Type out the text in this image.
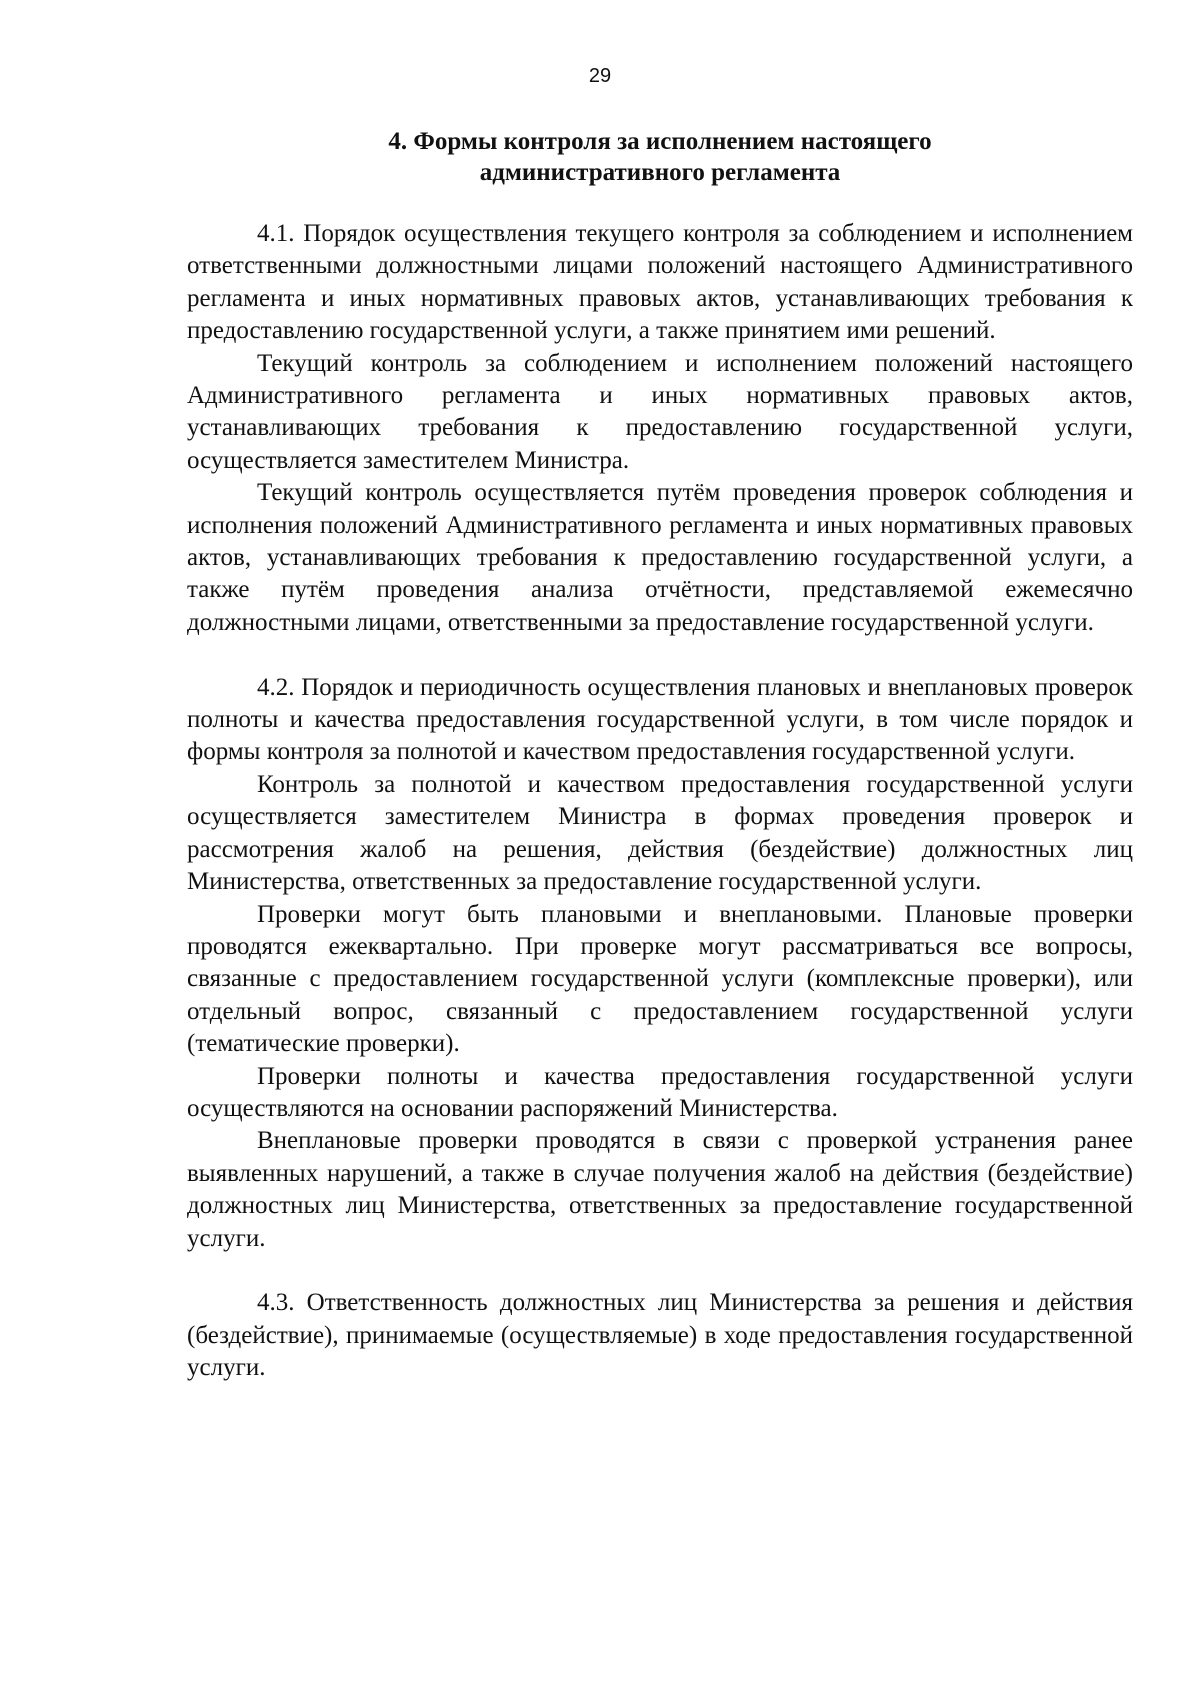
29
4. Формы контроля за исполнением настоящего
административного регламента

4.1. Порядок осуществления текущего контроля за соблюдением и исполнением ответственными должностными лицами положений настоящего Административного регламента и иных нормативных правовых актов, устанавливающих требования к предоставлению государственной услуги, а также принятием ими решений.

Текущий контроль за соблюдением и исполнением положений настоящего Административного регламента и иных нормативных правовых актов, устанавливающих требования к предоставлению государственной услуги, осуществляется заместителем Министра.

Текущий контроль осуществляется путём проведения проверок соблюдения и исполнения положений Административного регламента и иных нормативных правовых актов, устанавливающих требования к предоставлению государственной услуги, а также путём проведения анализа отчётности, представляемой ежемесячно должностными лицами, ответственными за предоставление государственной услуги.

4.2. Порядок и периодичность осуществления плановых и внеплановых проверок полноты и качества предоставления государственной услуги, в том числе порядок и формы контроля за полнотой и качеством предоставления государственной услуги.

Контроль за полнотой и качеством предоставления государственной услуги осуществляется заместителем Министра в формах проведения проверок и рассмотрения жалоб на решения, действия (бездействие) должностных лиц Министерства, ответственных за предоставление государственной услуги.

Проверки могут быть плановыми и внеплановыми. Плановые проверки проводятся ежеквартально. При проверке могут рассматриваться все вопросы, связанные с предоставлением государственной услуги (комплексные проверки), или отдельный вопрос, связанный с предоставлением государственной услуги (тематические проверки).

Проверки полноты и качества предоставления государственной услуги осуществляются на основании распоряжений Министерства.

Внеплановые проверки проводятся в связи с проверкой устранения ранее выявленных нарушений, а также в случае получения жалоб на действия (бездействие) должностных лиц Министерства, ответственных за предоставление государственной услуги.

4.3. Ответственность должностных лиц Министерства за решения и действия (бездействие), принимаемые (осуществляемые) в ходе предоставления государственной услуги.
